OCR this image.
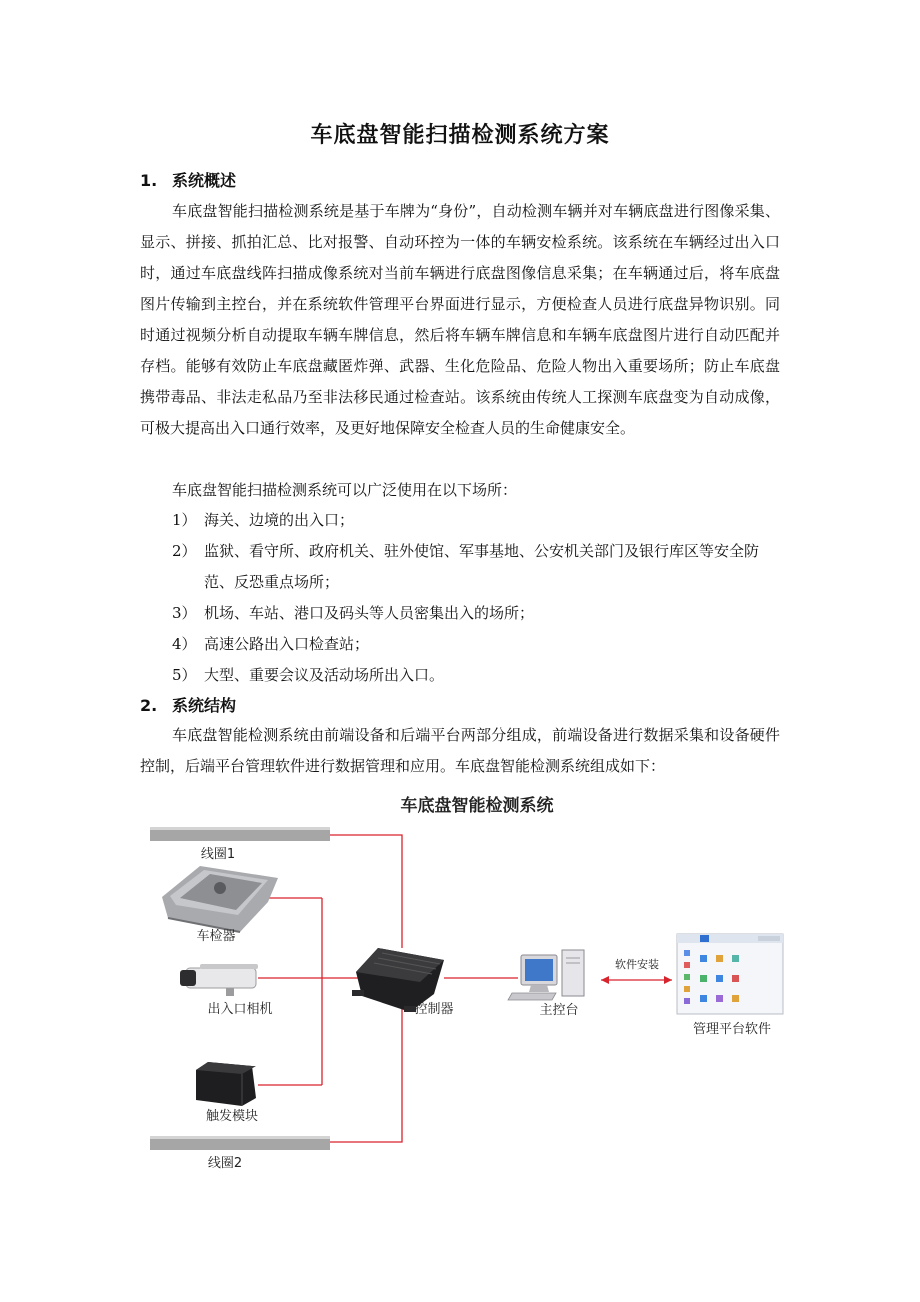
车底盘智能扫描检测系统方案
1. 系统概述

车底盘智能扫描检测系统是基于车牌为“身份”，自动检测车辆并对车辆底盘进行图像采集、显示、拼接、抓拍汇总、比对报警、自动环控为一体的车辆安检系统。该系统在车辆经过出入口时，通过车底盘线阵扫描成像系统对当前车辆进行底盘图像信息采集；在车辆通过后，将车底盘图片传输到主控台，并在系统软件管理平台界面进行显示，方便检查人员进行底盘异物识别。同时通过视频分析自动提取车辆车牌信息，然后将车辆车牌信息和车辆车底盘图片进行自动匹配并存档。能够有效防止车底盘藏匿炸弹、武器、生化危险品、危险人物出入重要场所；防止车底盘携带毒品、非法走私品乃至非法移民通过检查站。该系统由传统人工探测车底盘变为自动成像，可极大提高出入口通行效率，及更好地保障安全检查人员的生命健康安全。

车底盘智能扫描检测系统可以广泛使用在以下场所：

1） 海关、边境的出入口；
2） 监狱、看守所、政府机关、驻外使馆、军事基地、公安机关部门及银行库区等安全防范、反恐重点场所；
3） 机场、车站、港口及码头等人员密集出入的场所；
4） 高速公路出入口检查站；
5） 大型、重要会议及活动场所出入口。
2. 系统结构

车底盘智能检测系统由前端设备和后端平台两部分组成，前端设备进行数据采集和设备硬件控制，后端平台管理软件进行数据管理和应用。车底盘智能检测系统组成如下：

车底盘智能检测系统
线圈1
车检器
出入口相机
触发模块
线圈2
控制器	主控台
软件安装
管理平台软件
